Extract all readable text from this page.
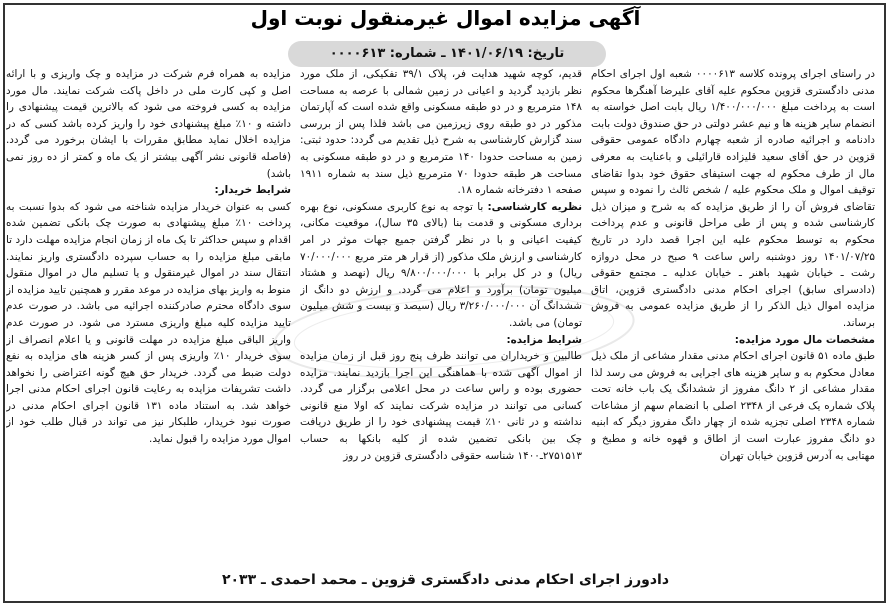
آگهی مزایده اموال غیرمنقول نوبت اول
تاریخ: ۱۴۰۱/۰۶/۱۹ ـ شماره: ۰۰۰۰۶۱۳

در راستای اجرای پرونده کلاسه ۰۰۰۰۶۱۳ شعبه اول اجرای احکام مدنی دادگستری قزوین محکوم علیه آقای علیرضا آهنگرها محکوم است به پرداخت مبلغ ۱/۴۰۰/۰۰۰/۰۰۰ ریال بابت اصل خواسته به انضمام سایر هزینه ها و نیم عشر دولتی در حق صندوق دولت بابت دادنامه و اجرائیه صادره از شعبه چهارم دادگاه عمومی حقوقی قزوین در حق آقای سعید قلیزاده قارائیلی و باعنایت به معرفی مال از طرف محکوم له جهت استیفای حقوق خود بدوا تقاضای توقیف اموال و ملک محکوم علیه / شخص ثالث را نموده و سپس تقاضای فروش آن را از طریق مزایده که به شرح و میزان ذیل کارشناسی شده و پس از طی مراحل قانونی و عدم پرداخت محکوم به توسط محکوم علیه این اجرا قصد دارد در تاریخ ۱۴۰۱/۰۷/۲۵ روز دوشنبه راس ساعت ۹ صبح در محل دروازه رشت ـ خیابان شهید باهنر ـ خیابان عدلیه ـ مجتمع حقوقی (دادسرای سابق) اجرای احکام مدنی دادگستری قزوین، اتاق مزایده اموال ذیل الذکر را از طریق مزایده عمومی به فروش برساند.

مشخصات مال مورد مزایده:

طبق ماده ۵۱ قانون اجرای احکام مدنی مقدار مشاعی از ملک ذیل معادل محکوم به و سایر هزینه های اجرایی به فروش می رسد لذا مقدار مشاعی از ۲ دانگ مفروز از ششدانگ یک باب خانه تحت پلاک شماره یک فرعی از ۲۳۴۸ اصلی با انضمام سهم از مشاعات شماره ۲۳۴۸ اصلی تجزیه شده از چهار دانگ مفروز دیگر که ابنیه دو دانگ مفروز عبارت است از اطاق و قهوه خانه و مطبخ و مهتابی به آدرس قزوین خیابان تهران

قدیم، کوچه شهید هدایت فر، پلاک ۳۹/۱ تفکیکی، از ملک مورد نظر بازدید گردید و اعیانی در زمین شمالی با عرصه به مساحت ۱۴۸ مترمربع و در دو طبقه مسکونی واقع شده است که آپارتمان مذکور در دو طبقه روی زیرزمین می باشد فلذا پس از بررسی سند گزارش کارشناسی به شرح ذیل تقدیم می گردد: حدود ثبتی: زمین به مساحت حدودا ۱۴۰ مترمربع و در دو طبقه مسکونی به مساحت هر طبقه حدودا ۷۰ مترمربع ذیل سند به شماره ۱۹۱۱ صفحه ۱ دفترخانه شماره ۱۸.

نظریه کارشناسی: با توجه به نوع کاربری مسکونی، نوع بهره برداری مسکونی و قدمت بنا (بالای ۳۵ سال)، موقعیت مکانی، کیفیت اعیانی و با در نظر گرفتن جمیع جهات موثر در امر کارشناسی و ارزش ملک مذکور (از قرار هر متر مربع ۷۰/۰۰۰/۰۰۰ ریال) و در کل برابر با ۹/۸۰۰/۰۰۰/۰۰۰ ریال (نهصد و هشتاد میلیون تومان) برآورد و اعلام می گردد. و ارزش دو دانگ از ششدانگ آن ۳/۲۶۰/۰۰۰/۰۰۰ ریال (سیصد و بیست و شش میلیون تومان) می باشد.

شرایط مزایده:

طالبین و خریداران می توانند ظرف پنج روز قبل از زمان مزایده از اموال آگهی شده با هماهنگی این اجرا بازدید نمایند. مزایده حضوری بوده و راس ساعت در محل اعلامی برگزار می گردد. کسانی می توانند در مزایده شرکت نمایند که اولا منع قانونی نداشته و در ثانی ۱۰٪ قیمت پیشنهادی خود را از طریق دریافت چک بین بانکی تضمین شده از کلیه بانکها به حساب ۲۷۵۱۵۱۳ـ۱۴۰۰ شناسه حقوقی دادگستری قزوین در روز

مزایده به همراه فرم شرکت در مزایده و چک واریزی و با ارائه اصل و کپی کارت ملی در داخل پاکت شرکت نمایند. مال مورد مزایده به کسی فروخته می شود که بالاترین قیمت پیشنهادی را داشته و ۱۰٪ مبلغ پیشنهادی خود را واریز کرده باشد کسی که در مزایده اخلال نماید مطابق مقررات با ایشان برخورد می گردد. (فاصله قانونی نشر آگهی بیشتر از یک ماه و کمتر از ده روز نمی باشد)

شرایط خریدار:

کسی به عنوان خریدار مزایده شناخته می شود که بدوا نسبت به پرداخت ۱۰٪ مبلغ پیشنهادی به صورت چک بانکی تضمین شده اقدام و سپس حداکثر تا یک ماه از زمان انجام مزایده مهلت دارد تا مابقی مبلغ مزایده را به حساب سپرده دادگستری واریز نمایند. انتقال سند در اموال غیرمنقول و یا تسلیم مال در اموال منقول منوط به واریز بهای مزایده در موعد مقرر و همچنین تایید مزایده از سوی دادگاه محترم صادرکننده اجرائیه می باشد. در صورت عدم تایید مزایده کلیه مبلغ واریزی مسترد می شود. در صورت عدم واریز الباقی مبلغ مزایده در مهلت قانونی و یا اعلام انصراف از سوی خریدار ۱۰٪ واریزی پس از کسر هزینه های مزایده به نفع دولت ضبط می گردد. خریدار حق هیچ گونه اعتراضی را نخواهد داشت تشریفات مزایده به رعایت قانون اجرای احکام مدنی اجرا خواهد شد. به استناد ماده ۱۳۱ قانون اجرای احکام مدنی در صورت نبود خریدار، طلبکار نیز می تواند در قبال طلب خود از اموال مورد مزایده را قبول نماید.

دادورز اجرای احکام مدنی دادگستری قزوین ـ محمد احمدی ـ ۲۰۳۳
